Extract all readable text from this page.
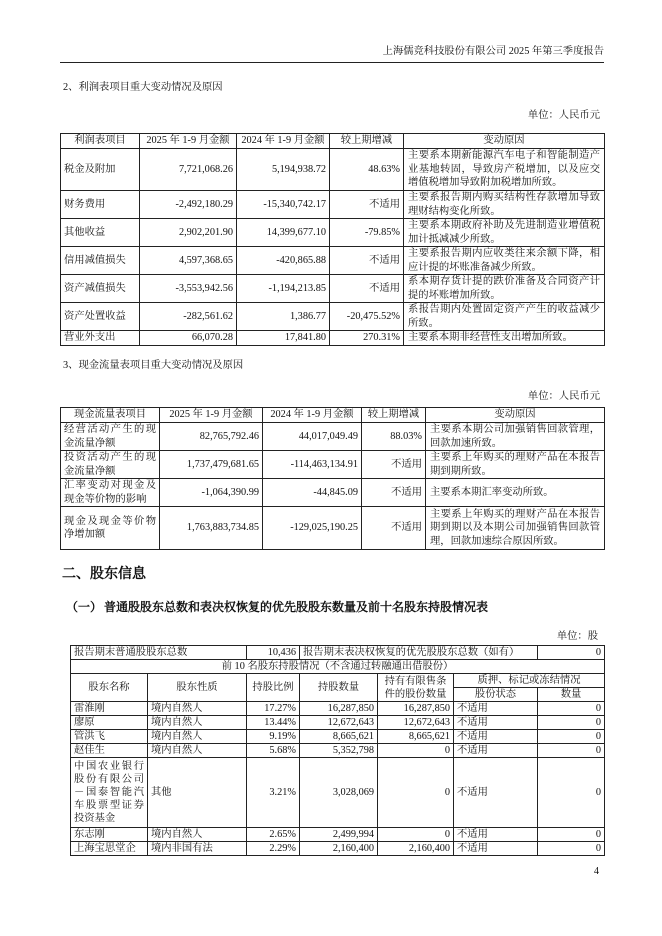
上海儒竞科技股份有限公司 2025 年第三季度报告
2、利润表项目重大变动情况及原因
单位：人民币元
利润表项目	2025 年 1-9 月金额	2024 年 1-9 月金额	较上期增减	变动原因
税金及附加	7,721,068.26	5,194,938.72	48.63%	主要系本期新能源汽车电子和智能制造产业基地转固，导致房产税增加，以及应交增值税增加导致附加税增加所致。
财务费用	-2,492,180.29	-15,340,742.17	不适用	主要系报告期内购买结构性存款增加导致理财结构变化所致。
其他收益	2,902,201.90	14,399,677.10	-79.85%	主要系本期政府补助及先进制造业增值税加计抵减减少所致。
信用减值损失	4,597,368.65	-420,865.88	不适用	主要系报告期内应收类往来余额下降，相应计提的坏账准备减少所致。
资产减值损失	-3,553,942.56	-1,194,213.85	不适用	系本期存货计提的跌价准备及合同资产计提的坏账增加所致。
资产处置收益	-282,561.62	1,386.77	-20,475.52%	系报告期内处置固定资产产生的收益减少所致。
营业外支出	66,070.28	17,841.80	270.31%	主要系本期非经营性支出增加所致。
3、现金流量表项目重大变动情况及原因
单位：人民币元
现金流量表项目	2025 年 1-9 月金额	2024 年 1-9 月金额	较上期增减	变动原因
经营活动产生的现金流量净额	82,765,792.46	44,017,049.49	88.03%	主要系本期公司加强销售回款管理，回款加速所致。
投资活动产生的现金流量净额	1,737,479,681.65	-114,463,134.91	不适用	主要系上年购买的理财产品在本报告期到期所致。
汇率变动对现金及现金等价物的影响	-1,064,390.99	-44,845.09	不适用	主要系本期汇率变动所致。
现金及现金等价物净增加额	1,763,883,734.85	-129,025,190.25	不适用	主要系上年购买的理财产品在本报告期到期以及本期公司加强销售回款管理，回款加速综合原因所致。
二、股东信息
（一） 普通股股东总数和表决权恢复的优先股股东数量及前十名股东持股情况表
单位：股
报告期末普通股股东总数		10,436	报告期末表决权恢复的优先股股东总数（如有）			0
前 10 名股东持股情况（不含通过转融通出借股份）						
股东名称	股东性质	持股比例	持股数量	持有有限售条件的股份数量	质押、标记或冻结情况	
					股份状态	数量
雷淮刚	境内自然人	17.27%	16,287,850	16,287,850	不适用	0
廖原	境内自然人	13.44%	12,672,643	12,672,643	不适用	0
管洪飞	境内自然人	9.19%	8,665,621	8,665,621	不适用	0
赵佳生	境内自然人	5.68%	5,352,798	0	不适用	0
中国农业银行股份有限公司－国泰智能汽车股票型证券投资基金	其他	3.21%	3,028,069	0	不适用	0
东志刚	境内自然人	2.65%	2,499,994	0	不适用	0
上海宝思堂企	境内非国有法	2.29%	2,160,400	2,160,400	不适用	0
4
